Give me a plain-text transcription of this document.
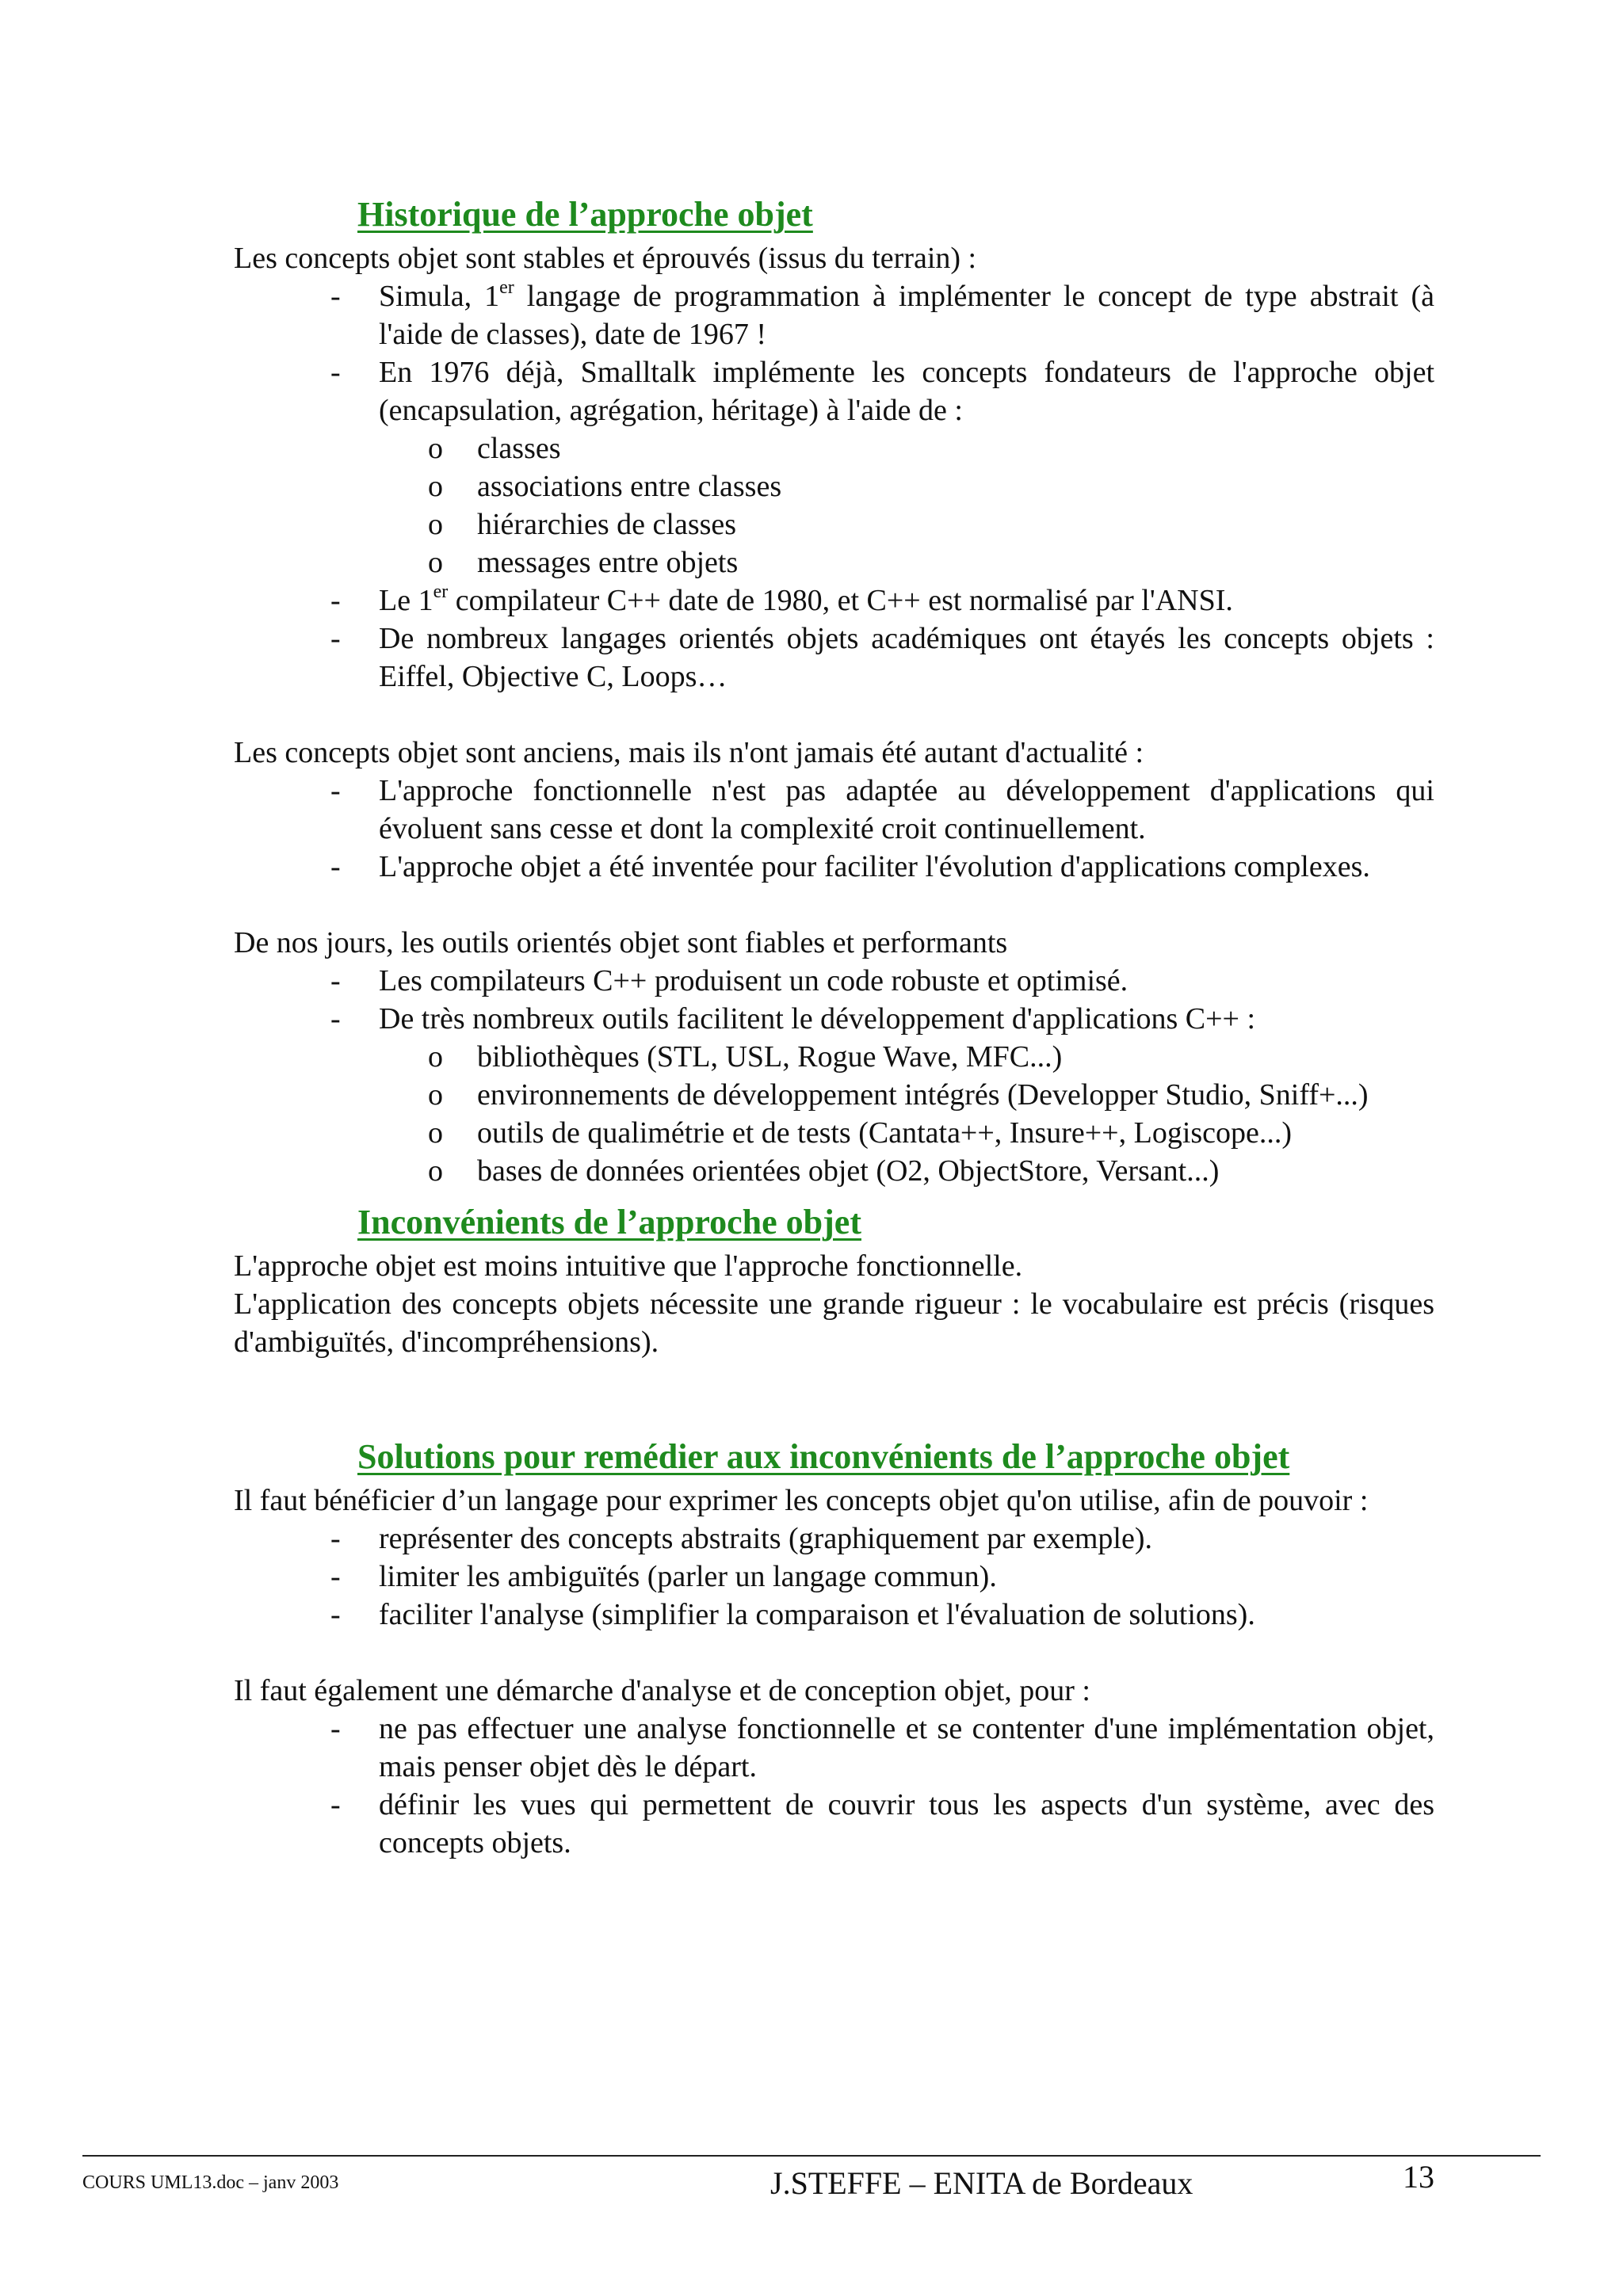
Historique de l’approche objet

Les concepts objet sont stables et éprouvés (issus du terrain) :

- Simula, 1er langage de programmation à implémenter le concept de type abstrait (à l'aide de classes), date de 1967 !
- En 1976 déjà, Smalltalk implémente les concepts fondateurs de l'approche objet (encapsulation, agrégation, héritage) à l'aide de :
o classes
o associations entre classes
o hiérarchies de classes
o messages entre objets
- Le 1er compilateur C++ date de 1980, et C++ est normalisé par l'ANSI.
- De nombreux langages orientés objets académiques ont étayés les concepts objets : Eiffel, Objective C, Loops…

Les concepts objet sont anciens, mais ils n'ont jamais été autant d'actualité :

- L'approche fonctionnelle n'est pas adaptée au développement d'applications qui évoluent sans cesse et dont la complexité croit continuellement.
- L'approche objet a été inventée pour faciliter l'évolution d'applications complexes.

De nos jours, les outils orientés objet sont fiables et performants

- Les compilateurs C++ produisent un code robuste et optimisé.
- De très nombreux outils facilitent le développement d'applications C++ :
o bibliothèques (STL, USL, Rogue Wave, MFC...)
o environnements de développement intégrés (Developper Studio, Sniff+...)
o outils de qualimétrie et de tests (Cantata++, Insure++, Logiscope...)
o bases de données orientées objet (O2, ObjectStore, Versant...)
Inconvénients de l’approche objet

L'approche objet est moins intuitive que l'approche fonctionnelle.

L'application des concepts objets nécessite une grande rigueur : le vocabulaire est précis (risques d'ambiguïtés, d'incompréhensions).

Solutions pour remédier aux inconvénients de l’approche objet

Il faut bénéficier d’un langage pour exprimer les concepts objet qu'on utilise, afin de pouvoir :

- représenter des concepts abstraits (graphiquement par exemple).
- limiter les ambiguïtés (parler un langage commun).
- faciliter l'analyse (simplifier la comparaison et l'évaluation de solutions).

Il faut également une démarche d'analyse et de conception objet, pour :

- ne pas effectuer une analyse fonctionnelle et se contenter d'une implémentation objet, mais penser objet dès le départ.
- définir les vues qui permettent de couvrir tous les aspects d'un système, avec des concepts objets.
COURS UML13.doc – janv 2003	J.STEFFE – ENITA de Bordeaux	13
